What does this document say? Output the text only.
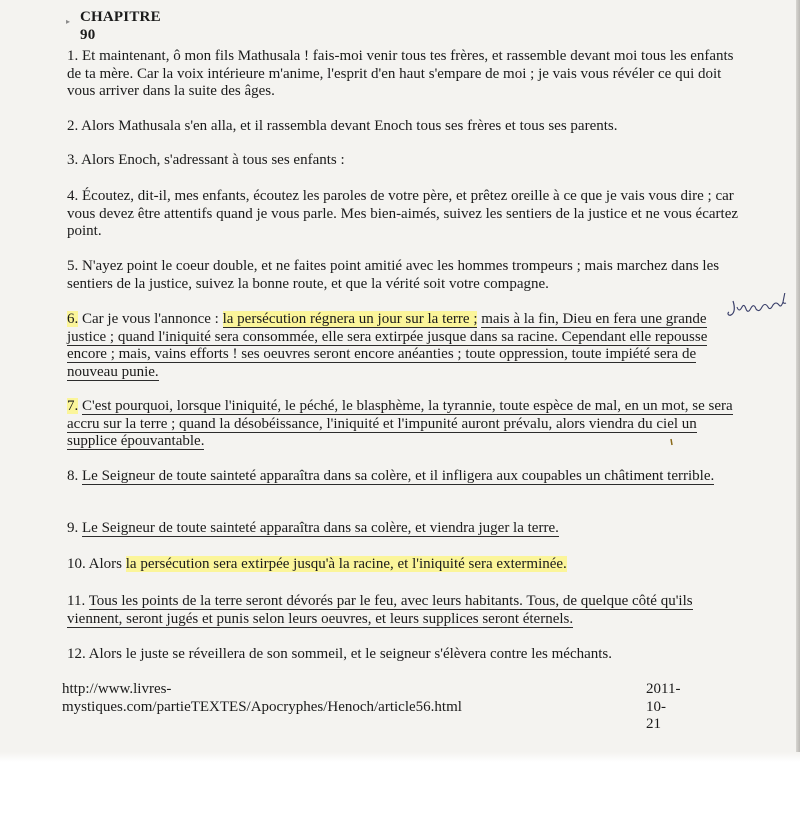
▸ CHAPITRE 90

1. Et maintenant, ô mon fils Mathusala ! fais-moi venir tous tes frères, et rassemble devant moi tous les enfants de ta mère. Car la voix intérieure m'anime, l'esprit d'en haut s'empare de moi ; je vais vous révéler ce qui doit vous arriver dans la suite des âges.

2. Alors Mathusala s'en alla, et il rassembla devant Enoch tous ses frères et tous ses parents.

3. Alors Enoch, s'adressant à tous ses enfants :

4. Écoutez, dit-il, mes enfants, écoutez les paroles de votre père, et prêtez oreille à ce que je vais vous dire ; car vous devez être attentifs quand je vous parle. Mes bien-aimés, suivez les sentiers de la justice et ne vous écartez point.

5. N'ayez point le coeur double, et ne faites point amitié avec les hommes trompeurs ; mais marchez dans les sentiers de la justice, suivez la bonne route, et que la vérité soit votre compagne.

6. Car je vous l'annonce : la persécution régnera un jour sur la terre ; mais à la fin, Dieu en fera une grande justice ; quand l'iniquité sera consommée, elle sera extirpée jusque dans sa racine. Cependant elle repousse encore ; mais, vains efforts ! ses oeuvres seront encore anéanties ; toute oppression, toute impiété sera de nouveau punie.

7. C'est pourquoi, lorsque l'iniquité, le péché, le blasphème, la tyrannie, toute espèce de mal, en un mot, se sera accru sur la terre ; quand la désobéissance, l'iniquité et l'impunité auront prévalu, alors viendra du ciel un supplice épouvantable.

8. Le Seigneur de toute sainteté apparaîtra dans sa colère, et il infligera aux coupables un châtiment terrible.

9. Le Seigneur de toute sainteté apparaîtra dans sa colère, et viendra juger la terre.

10. Alors la persécution sera extirpée jusqu'à la racine, et l'iniquité sera exterminée.

11. Tous les points de la terre seront dévorés par le feu, avec leurs habitants. Tous, de quelque côté qu'ils viennent, seront jugés et punis selon leurs oeuvres, et leurs supplices seront éternels.

12. Alors le juste se réveillera de son sommeil, et le seigneur s'élèvera contre les méchants.

http://www.livres-mystiques.com/partieTEXTES/Apocryphes/Henoch/article56.html
2011-10-21
